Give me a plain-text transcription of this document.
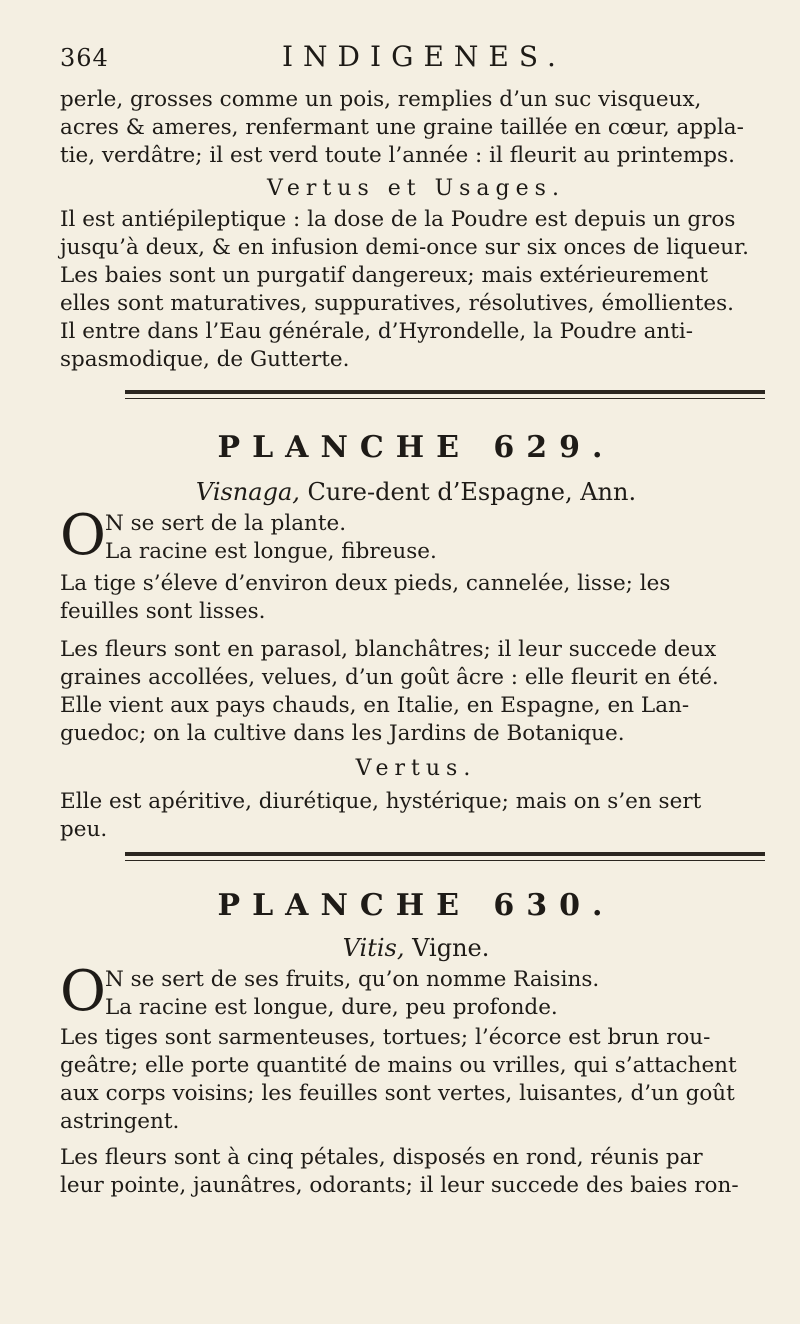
364	INDIGENES.

perle, grosses comme un pois, remplies d’un suc visqueux,

acres & ameres, renfermant une graine taillée en cœur, appla-

tie, verdâtre; il est verd toute l’année : il fleurit au printemps.

Vertus et Usages.

Il est antiépileptique : la dose de la Poudre est depuis un gros

jusqu’à deux, & en infusion demi-once sur six onces de liqueur.

Les baies sont un purgatif dangereux; mais extérieurement

elles sont maturatives, suppuratives, résolutives, émollientes.

Il entre dans l’Eau générale, d’Hyrondelle, la Poudre anti-

spasmodique, de Gutterte.

PLANCHE 629.

Visnaga, Cure-dent d’Espagne, Ann.

O N se sert de la plante.

La racine est longue, fibreuse.

La tige s’éleve d’environ deux pieds, cannelée, lisse; les

feuilles sont lisses.

Les fleurs sont en parasol, blanchâtres; il leur succede deux

graines accollées, velues, d’un goût âcre : elle fleurit en été.

Elle vient aux pays chauds, en Italie, en Espagne, en Lan-

guedoc; on la cultive dans les Jardins de Botanique.

Vertus.

Elle est apéritive, diurétique, hystérique; mais on s’en sert

peu.

PLANCHE 630.

Vitis, Vigne.

O N se sert de ses fruits, qu’on nomme Raisins.

La racine est longue, dure, peu profonde.

Les tiges sont sarmenteuses, tortues; l’écorce est brun rou-

geâtre; elle porte quantité de mains ou vrilles, qui s’attachent

aux corps voisins; les feuilles sont vertes, luisantes, d’un goût

astringent.

Les fleurs sont à cinq pétales, disposés en rond, réunis par

leur pointe, jaunâtres, odorants; il leur succede des baies ron-
